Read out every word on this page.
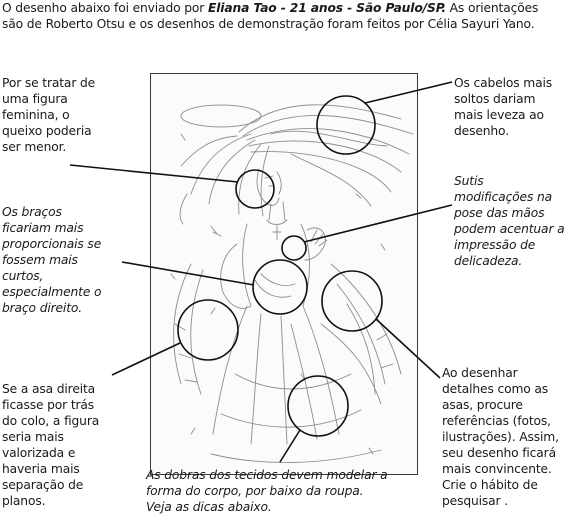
O desenho abaixo foi enviado por Eliana Tao - 21 anos - São Paulo/SP. As orientações
são de Roberto Otsu e os desenhos de demonstração foram feitos por Célia Sayuri Yano.
Por se tratar de
uma figura
feminina, o
queixo poderia
ser menor.
Os braços
ficariam mais
proporcionais se
fossem mais
curtos,
especialmente o
braço direito.
Se a asa direita
ficasse por trás
do colo, a figura
seria mais
valorizada e
haveria mais
separação de
planos.
As dobras dos tecidos devem modelar a
forma do corpo, por baixo da roupa.
Veja as dicas abaixo.
Os cabelos mais
soltos dariam
mais leveza ao
desenho.
Sutis
modificações na
pose das mãos
podem acentuar a
impressão de
delicadeza.
Ao desenhar
detalhes como as
asas, procure
referências (fotos,
ilustrações). Assim,
seu desenho ficará
mais convincente.
Crie o hábito de
pesquisar .
